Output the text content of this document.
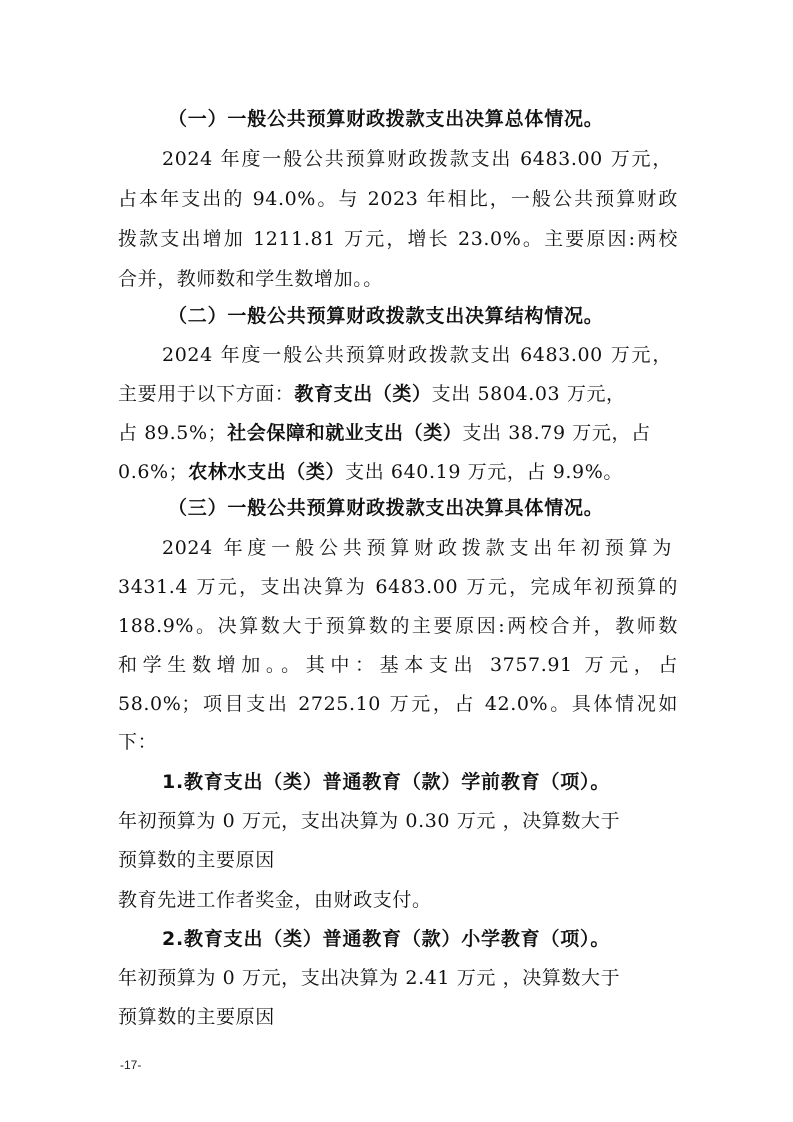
（一）一般公共预算财政拨款支出决算总体情况。
2024 年度一般公共预算财政拨款支出 6483.00 万元，
占本年支出的 94.0%。与 2023 年相比，一般公共预算财政
拨款支出增加 1211.81 万元，增长 23.0%。主要原因:两校
合并，教师数和学生数增加。。
（二）一般公共预算财政拨款支出决算结构情况。
2024 年度一般公共预算财政拨款支出 6483.00 万元，
主要用于以下方面：教育支出（类）支出 5804.03 万元，
占 89.5%；社会保障和就业支出（类）支出 38.79 万元，占
0.6%；农林水支出（类）支出 640.19 万元，占 9.9%。
（三）一般公共预算财政拨款支出决算具体情况。
2024 年度一般公共预算财政拨款支出年初预算为
3431.4 万元，支出决算为 6483.00 万元，完成年初预算的
188.9%。决算数大于预算数的主要原因:两校合并，教师数
和学生数增加。。其中：基本支出 3757.91 万元，占
58.0%；项目支出 2725.10 万元，占 42.0%。具体情况如
下：
1.教育支出（类）普通教育（款）学前教育（项）。
年初预算为 0 万元，支出决算为 0.30 万元 ，决算数大于
预算数的主要原因
教育先进工作者奖金，由财政支付。
2.教育支出（类）普通教育（款）小学教育（项）。
年初预算为 0 万元，支出决算为 2.41 万元 ，决算数大于
预算数的主要原因
-17-
